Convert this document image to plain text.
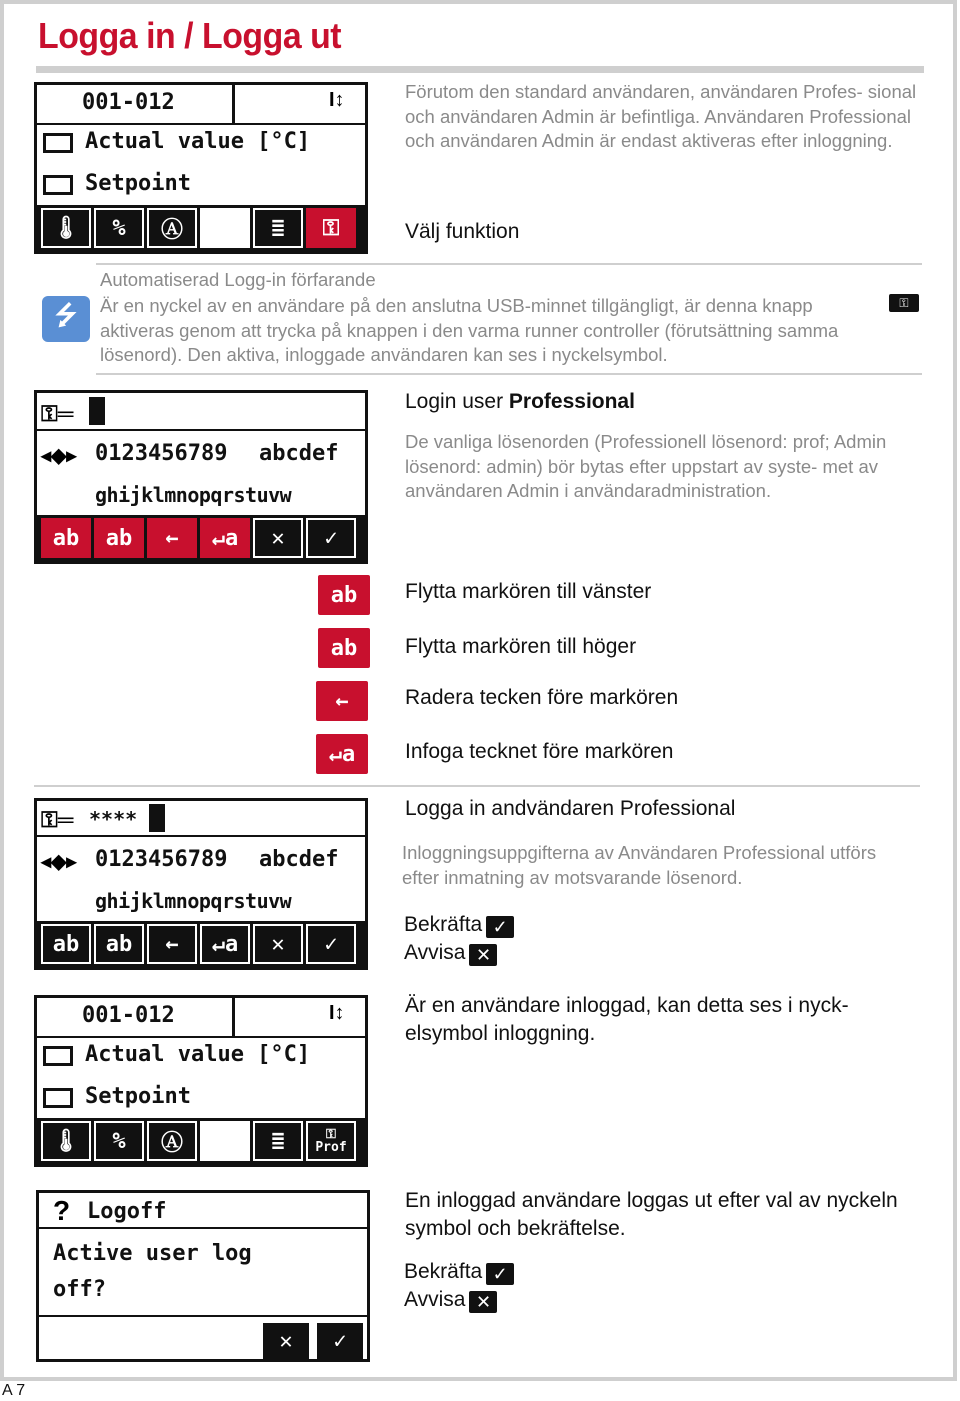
Logga in / Logga ut
001-012	I↕
Actual value [°C]
Setpoint
🌡	%	Ⓐ	≣	⚿
Förutom den standard användaren, användaren Profes- sional och användaren Admin är befintliga. Användaren Professional och användaren Admin är endast aktiveras efter inloggning.
Välj funktion
⭍
Automatiserad Logg-in förfarande
Är en nyckel av en användare på den anslutna USB-minnet tillgängligt, är denna knapp aktiveras genom att trycka på knappen i den varma runner controller (förutsättning samma lösenord). Den aktiva, inloggade användaren kan ses i nyckelsymbol.
⚿
⚿═
◂◆▸ 0123456789 abcdef
ghijklmnopqrstuvw
ab	ab	←	↵a	✕	✓
Login user Professional
De vanliga lösenorden (Professionell lösenord: prof; Admin lösenord: admin) bör bytas efter uppstart av syste- met av användaren Admin i användaradministration.
ab	Flytta markören till vänster
ab	Flytta markören till höger
←	Radera tecken före markören
↵a	Infoga tecknet före markören
⚿═ ****
◂◆▸ 0123456789 abcdef
ghijklmnopqrstuvw
ab	ab	←	↵a	✕	✓
Logga in andvändaren Professional
Inloggningsuppgifterna av Användaren Professional utförs efter inmatning av motsvarande lösenord.
Bekräfta ✓
Avvisa ✕
001-012	I↕
Actual value [°C]
Setpoint
🌡	%	Ⓐ	≣	⚿
Prof
Är en användare inloggad, kan detta ses i nyck- elsymbol inloggning.
? Logoff
Active user log
off?
✕	✓
En inloggad användare loggas ut efter val av nyckeln symbol och bekräftelse.
Bekräfta ✓
Avvisa ✕
A 7
